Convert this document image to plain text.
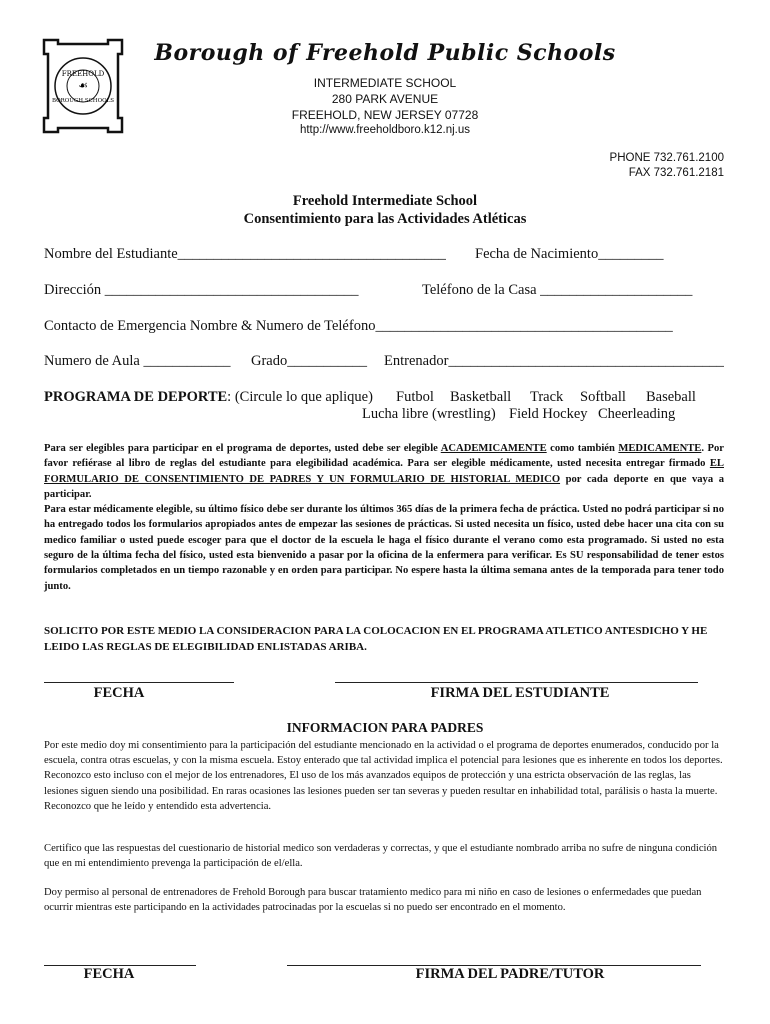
FREEHOLD
☙
BOROUGH SCHOOLS
Borough of Freehold Public Schools
INTERMEDIATE SCHOOL
280 PARK AVENUE
FREEHOLD, NEW JERSEY 07728
http://www.freeholdboro.k12.nj.us
PHONE 732.761.2100
FAX 732.761.2181
Freehold Intermediate School
Consentimiento para las Actividades Atléticas
Nombre del Estudiante_____________________________________ Fecha de Nacimiento_________
Dirección ___________________________________	Teléfono de la Casa _____________________
Contacto de Emergencia Nombre & Numero de Teléfono_________________________________________
Numero de Aula ____________ Grado___________ Entrenador______________________________________
PROGRAMA DE DEPORTE: (Circule lo que aplique) Futbol Basketball Track Softball Baseball
Lucha libre (wrestling) Field Hockey Cheerleading
Para ser elegibles para participar en el programa de deportes, usted debe ser elegible ACADEMICAMENTE como también MEDICAMENTE. Por favor refiérase al libro de reglas del estudiante para elegibilidad académica. Para ser elegible médicamente, usted necesita entregar firmado EL FORMULARIO DE CONSENTIMIENTO DE PADRES Y UN FORMULARIO DE HISTORIAL MEDICO por cada deporte en que vaya a participar.
Para estar médicamente elegible, su último físico debe ser durante los últimos 365 días de la primera fecha de práctica. Usted no podrá participar si no ha entregado todos los formularios apropiados antes de empezar las sesiones de prácticas. Si usted necesita un físico, usted debe hacer una cita con su medico familiar o usted puede escoger para que el doctor de la escuela le haga el físico durante el verano como esta programado. Si usted no esta seguro de la última fecha del físico, usted esta bienvenido a pasar por la oficina de la enfermera para verificar. Es SU responsabilidad de tener estos formularios completados en un tiempo razonable y en orden para participar. No espere hasta la última semana antes de la temporada para tener todo junto.
SOLICITO POR ESTE MEDIO LA CONSIDERACION PARA LA COLOCACION EN EL PROGRAMA ATLETICO ANTESDICHO Y HE LEIDO LAS REGLAS DE ELEGIBILIDAD ENLISTADAS ARIBA.
FECHA	FIRMA DEL ESTUDIANTE
INFORMACION PARA PADRES
Por este medio doy mi consentimiento para la participación del estudiante mencionado en la actividad o el programa de deportes enumerados, conducido por la escuela, contra otras escuelas, y con la misma escuela. Estoy enterado que tal actividad implica el potencial para lesiones que es inherente en todos los deportes. Reconozco esto incluso con el mejor de los entrenadores, El uso de los más avanzados equipos de protección y una estricta observación de las reglas, las lesiones siguen siendo una posibilidad. En raras ocasiones las lesiones pueden ser tan severas y pueden resultar en inhabilidad total, parálisis o hasta la muerte. Reconozco que he leído y entendido esta advertencia.
Certifico que las respuestas del cuestionario de historial medico son verdaderas y correctas, y que el estudiante nombrado arriba no sufre de ninguna condición que en mi entendimiento prevenga la participación de el/ella.
Doy permiso al personal de entrenadores de Frehold Borough para buscar tratamiento medico para mi niño en caso de lesiones o enfermedades que puedan ocurrir mientras este participando en la actividades patrocinadas por la escuelas si no puedo ser encontrado en el momento.
FECHA	FIRMA DEL PADRE/TUTOR
